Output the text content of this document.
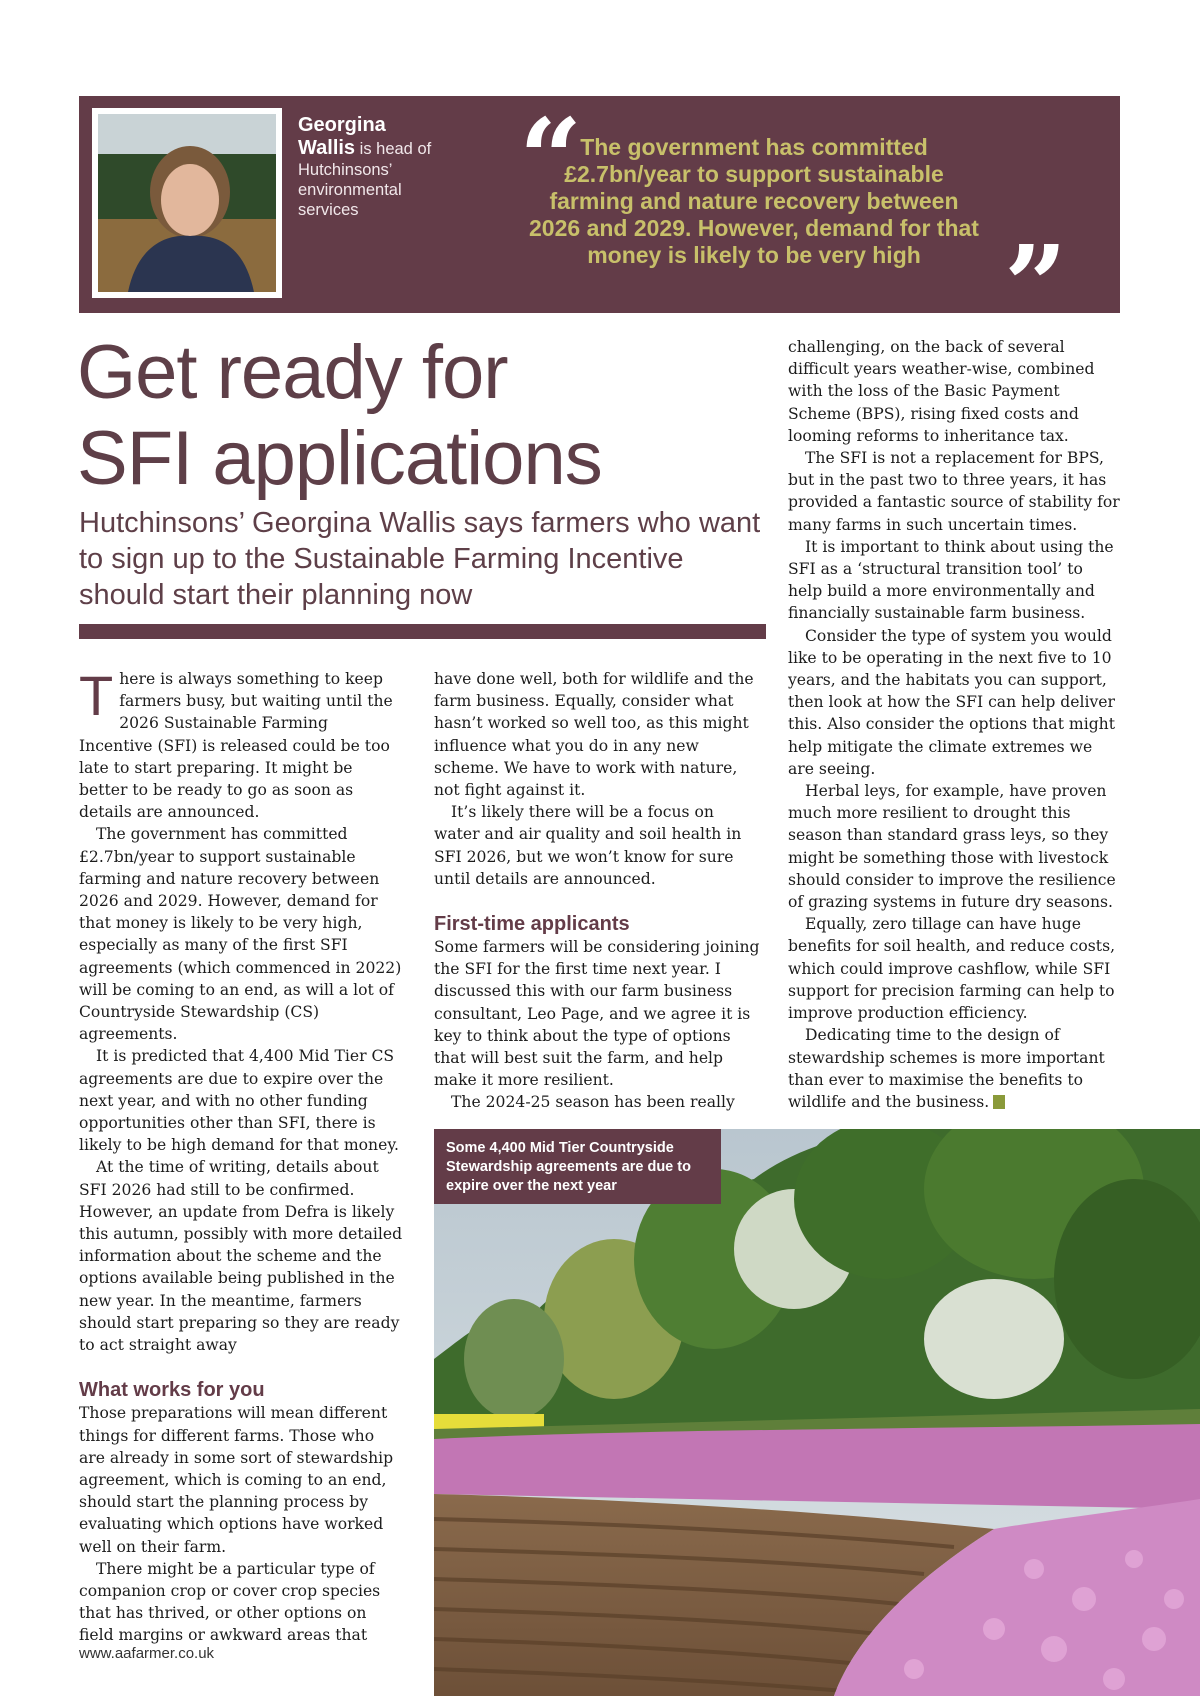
Georgina Wallis is head of Hutchinsons’ environmental services	“
The government has committed £2.7bn/year to support sustainable farming and nature recovery between 2026 and 2029. However, demand for that money is likely to be very high ”
Get ready for
SFI applications

Hutchinsons’ Georgina Wallis says farmers who want to sign up to the Sustainable Farming Incentive should start their planning now

There is always something to keep farmers busy, but waiting until the 2026 Sustainable Farming Incentive (SFI) is released could be too late to start preparing. It might be better to be ready to go as soon as details are announced.

The government has committed £2.7bn/year to support sustainable farming and nature recovery between 2026 and 2029. However, demand for that money is likely to be very high, especially as many of the first SFI agreements (which commenced in 2022) will be coming to an end, as will a lot of Countryside Stewardship (CS) agreements.

It is predicted that 4,400 Mid Tier CS agreements are due to expire over the next year, and with no other funding opportunities other than SFI, there is likely to be high demand for that money.

At the time of writing, details about SFI 2026 had still to be confirmed. However, an update from Defra is likely this autumn, possibly with more detailed information about the scheme and the options available being published in the new year. In the meantime, farmers should start preparing so they are ready to act straight away

What works for you

Those preparations will mean different things for different farms. Those who are already in some sort of stewardship agreement, which is coming to an end, should start the planning process by evaluating which options have worked well on their farm.

There might be a particular type of companion crop or cover crop species that has thrived, or other options on field margins or awkward areas that

have done well, both for wildlife and the farm business. Equally, consider what hasn’t worked so well too, as this might influence what you do in any new scheme. We have to work with nature, not fight against it.

It’s likely there will be a focus on water and air quality and soil health in SFI 2026, but we won’t know for sure until details are announced.

First-time applicants

Some farmers will be considering joining the SFI for the first time next year. I discussed this with our farm business consultant, Leo Page, and we agree it is key to think about the type of options that will best suit the farm, and help make it more resilient.

The 2024-25 season has been really

challenging, on the back of several difficult years weather-wise, combined with the loss of the Basic Payment Scheme (BPS), rising fixed costs and looming reforms to inheritance tax.

The SFI is not a replacement for BPS, but in the past two to three years, it has provided a fantastic source of stability for many farms in such uncertain times.

It is important to think about using the SFI as a ‘structural transition tool’ to help build a more environmentally and financially sustainable farm business.

Consider the type of system you would like to be operating in the next five to 10 years, and the habitats you can support, then look at how the SFI can help deliver this. Also consider the options that might help mitigate the climate extremes we are seeing.

Herbal leys, for example, have proven much more resilient to drought this season than standard grass leys, so they might be something those with livestock should consider to improve the resilience of grazing systems in future dry seasons.

Equally, zero tillage can have huge benefits for soil health, and reduce costs, which could improve cashflow, while SFI support for precision farming can help to improve production efficiency.

Dedicating time to the design of stewardship schemes is more important than ever to maximise the benefits to wildlife and the business.

Some 4,400 Mid Tier Countryside Stewardship agreements are due to expire over the next year
www.aafarmer.co.uk
